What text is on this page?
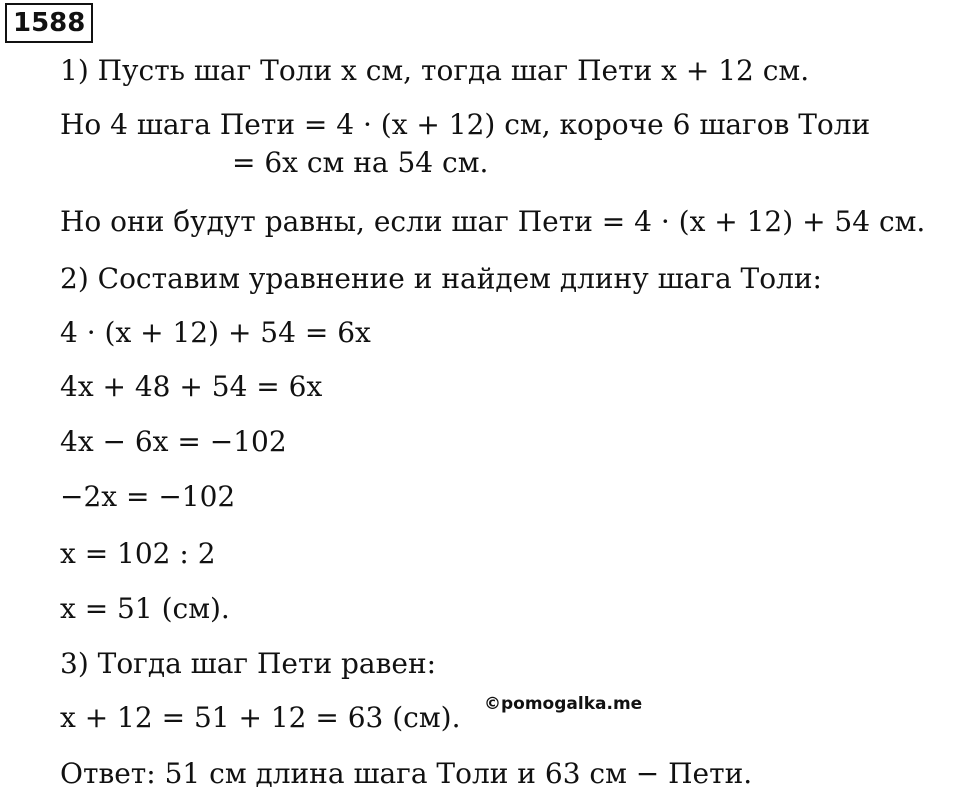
1588
1) Пусть шаг Толи x см, тогда шаг Пети x + 12 см.
Но 4 шага Пети = 4 · (x + 12) см, короче 6 шагов Толи
= 6x см на 54 см.
Но они будут равны, если шаг Пети = 4 · (x + 12) + 54 см.
2) Составим уравнение и найдем длину шага Толи:
4 · (x + 12) + 54 = 6x
4x + 48 + 54 = 6x
4x − 6x = −102
−2x = −102
x = 102 : 2
x = 51 (см).
3) Тогда шаг Пети равен:
x + 12 = 51 + 12 = 63 (см).
Ответ: 51 см длина шага Толи и 63 см − Пети.
©pomogalka.me
